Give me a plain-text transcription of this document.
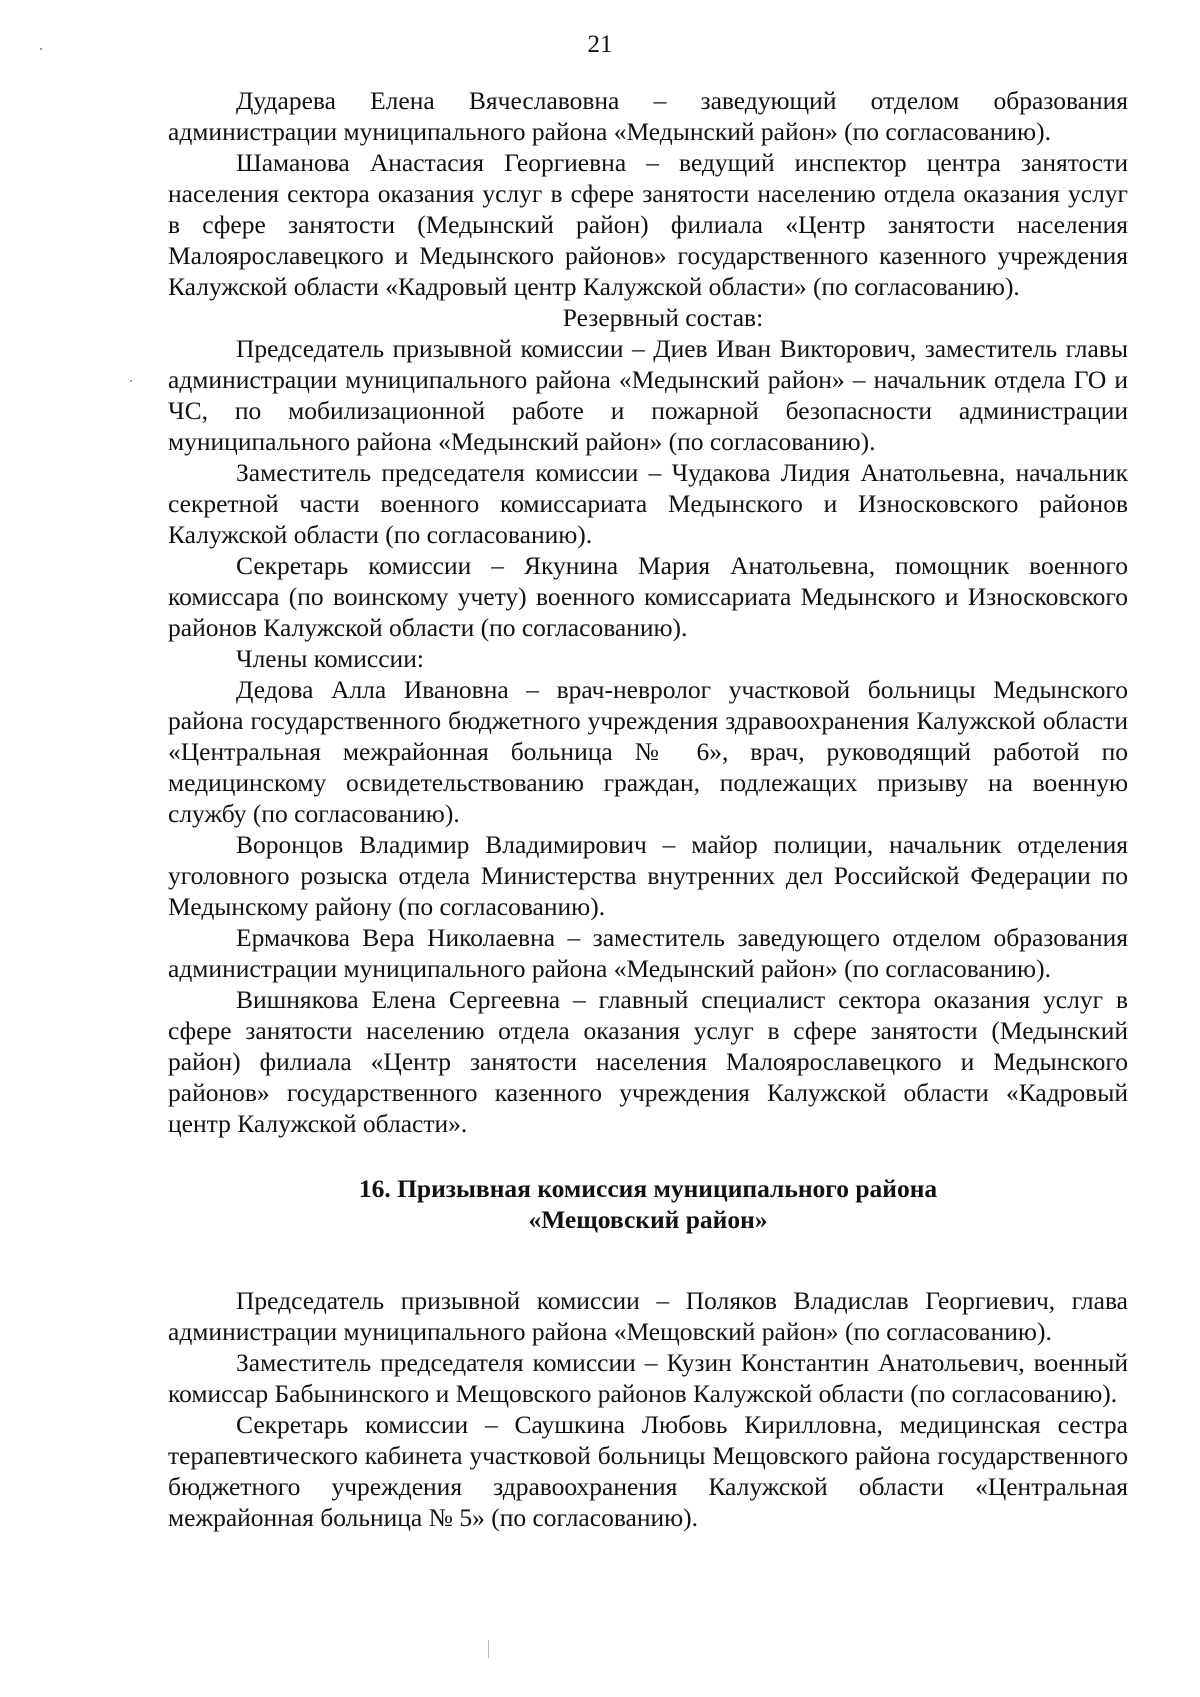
21

Дударева Елена Вячеславовна – заведующий отделом образования администрации муниципального района «Медынский район» (по согласованию).

Шаманова Анастасия Георгиевна – ведущий инспектор центра занятости населения сектора оказания услуг в сфере занятости населению отдела оказания услуг в сфере занятости (Медынский район) филиала «Центр занятости населения Малоярославецкого и Медынского районов» государственного казенного учреждения Калужской области «Кадровый центр Калужской области» (по согласованию).

Резервный состав:

Председатель призывной комиссии – Диев Иван Викторович, заместитель главы администрации муниципального района «Медынский район» – начальник отдела ГО и ЧС, по мобилизационной работе и пожарной безопасности администрации муниципального района «Медынский район» (по согласованию).

Заместитель председателя комиссии – Чудакова Лидия Анатольевна, начальник секретной части военного комиссариата Медынского и Износковского районов Калужской области (по согласованию).

Секретарь комиссии – Якунина Мария Анатольевна, помощник военного комиссара (по воинскому учету) военного комиссариата Медынского и Износковского районов Калужской области (по согласованию).

Члены комиссии:

Дедова Алла Ивановна – врач-невролог участковой больницы Медынского района государственного бюджетного учреждения здравоохранения Калужской области «Центральная межрайонная больница № 6», врач, руководящий работой по медицинскому освидетельствованию граждан, подлежащих призыву на военную службу (по согласованию).

Воронцов Владимир Владимирович – майор полиции, начальник отделения уголовного розыска отдела Министерства внутренних дел Российской Федерации по Медынскому району (по согласованию).

Ермачкова Вера Николаевна – заместитель заведующего отделом образования администрации муниципального района «Медынский район» (по согласованию).

Вишнякова Елена Сергеевна – главный специалист сектора оказания услуг в сфере занятости населению отдела оказания услуг в сфере занятости (Медынский район) филиала «Центр занятости населения Малоярославецкого и Медынского районов» государственного казенного учреждения Калужской области «Кадровый центр Калужской области».

16. Призывная комиссия муниципального района
«Мещовский район»

Председатель призывной комиссии – Поляков Владислав Георгиевич, глава администрации муниципального района «Мещовский район» (по согласованию).

Заместитель председателя комиссии – Кузин Константин Анатольевич, военный комиссар Бабынинского и Мещовского районов Калужской области (по согласованию).

Секретарь комиссии – Саушкина Любовь Кирилловна, медицинская сестра терапевтического кабинета участковой больницы Мещовского района государственного бюджетного учреждения здравоохранения Калужской области «Центральная межрайонная больница № 5» (по согласованию).
